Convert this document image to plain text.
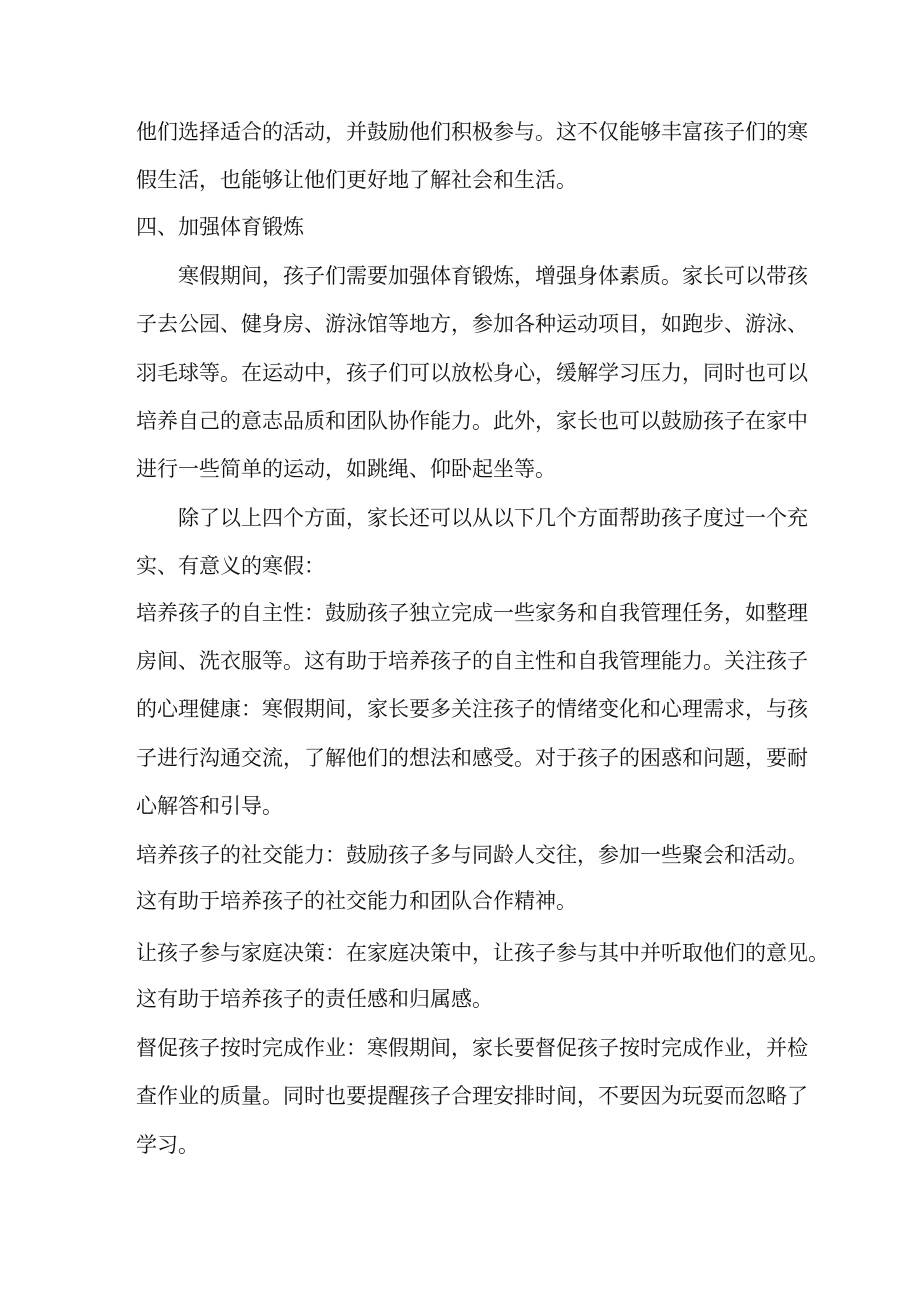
他们选择适合的活动，并鼓励他们积极参与。这不仅能够丰富孩子们的寒
假生活，也能够让他们更好地了解社会和生活。
四、加强体育锻炼
寒假期间，孩子们需要加强体育锻炼，增强身体素质。家长可以带孩
子去公园、健身房、游泳馆等地方，参加各种运动项目，如跑步、游泳、
羽毛球等。在运动中，孩子们可以放松身心，缓解学习压力，同时也可以
培养自己的意志品质和团队协作能力。此外，家长也可以鼓励孩子在家中
进行一些简单的运动，如跳绳、仰卧起坐等。
除了以上四个方面，家长还可以从以下几个方面帮助孩子度过一个充
实、有意义的寒假：
培养孩子的自主性：鼓励孩子独立完成一些家务和自我管理任务，如整理
房间、洗衣服等。这有助于培养孩子的自主性和自我管理能力。关注孩子
的心理健康：寒假期间，家长要多关注孩子的情绪变化和心理需求，与孩
子进行沟通交流，了解他们的想法和感受。对于孩子的困惑和问题，要耐
心解答和引导。
培养孩子的社交能力：鼓励孩子多与同龄人交往，参加一些聚会和活动。
这有助于培养孩子的社交能力和团队合作精神。
让孩子参与家庭决策：在家庭决策中，让孩子参与其中并听取他们的意见。
这有助于培养孩子的责任感和归属感。
督促孩子按时完成作业：寒假期间，家长要督促孩子按时完成作业，并检
查作业的质量。同时也要提醒孩子合理安排时间，不要因为玩耍而忽略了
学习。
